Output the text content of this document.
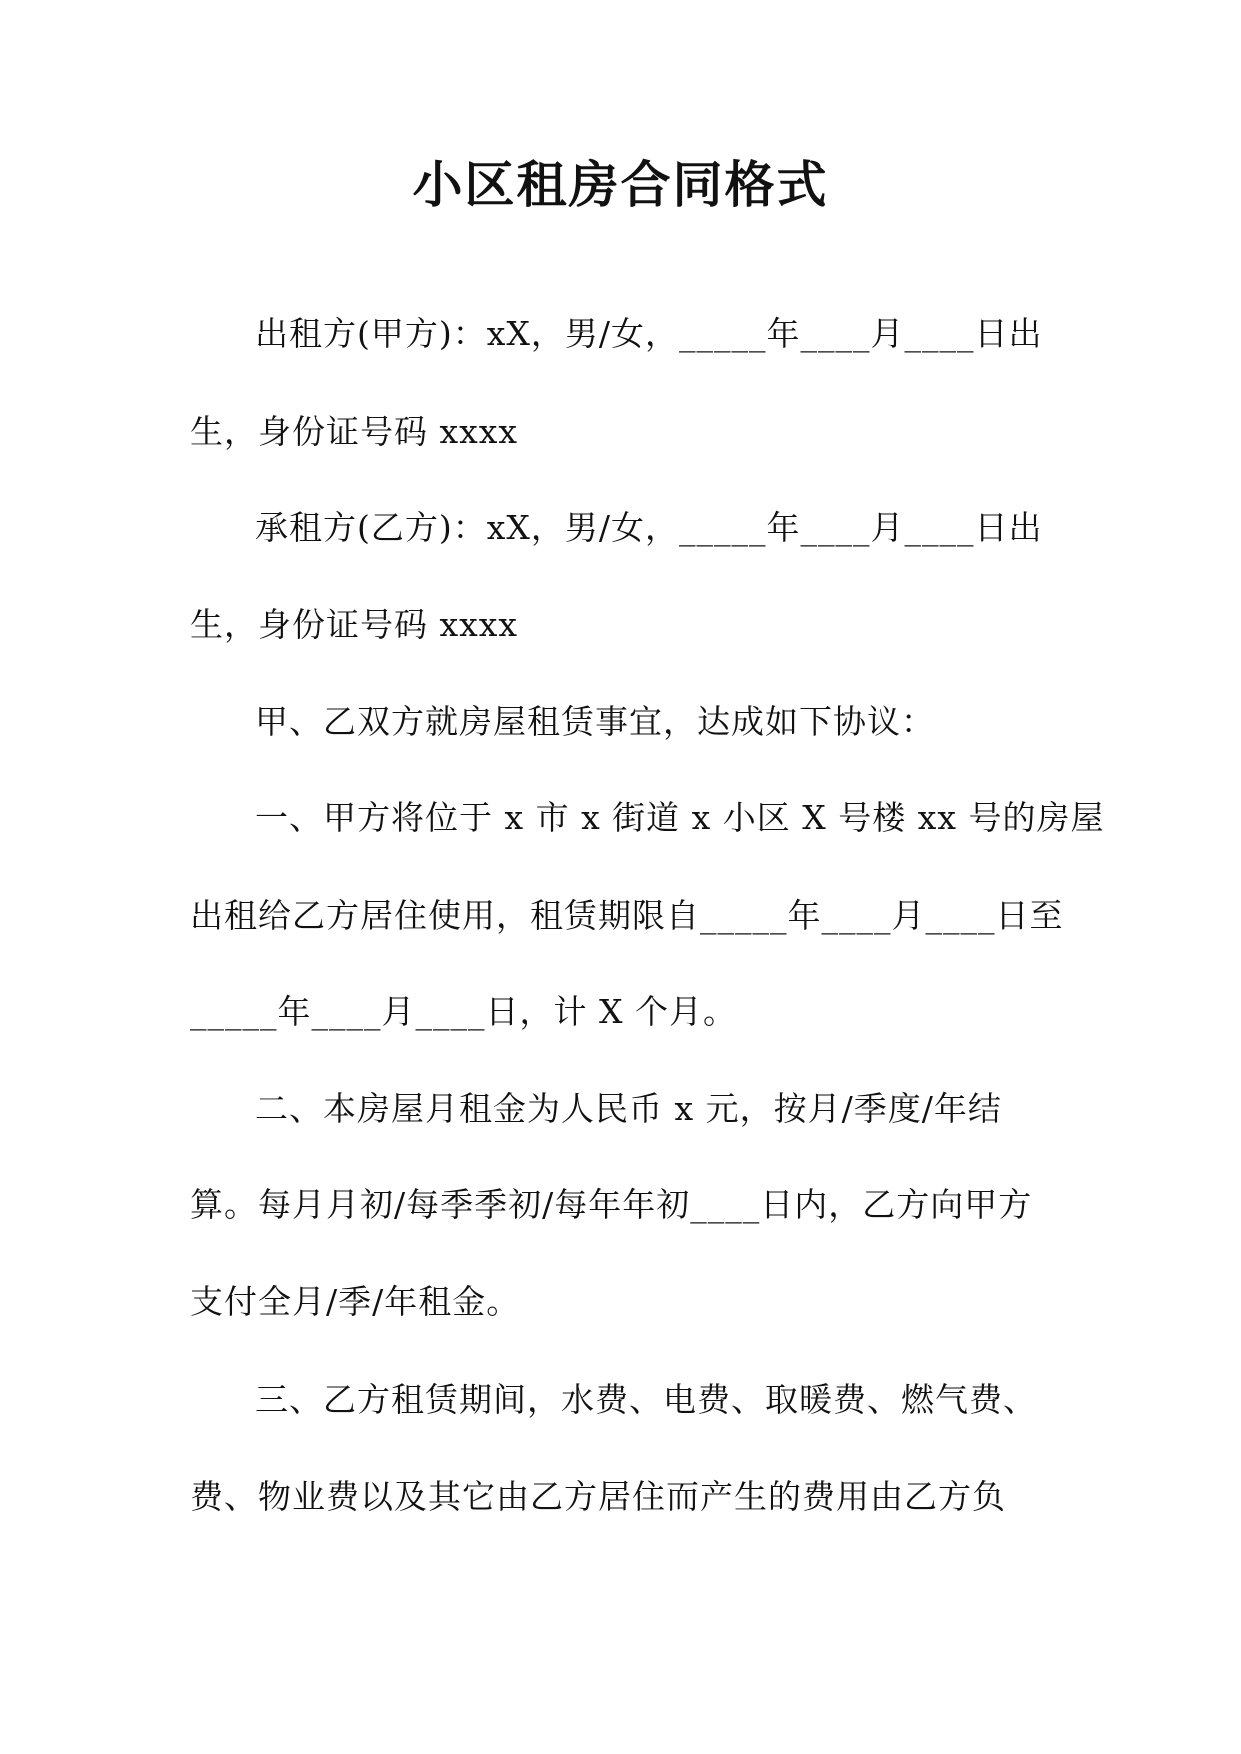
小区租房合同格式
出租方(甲方)：xX，男/女，_____年____月____日出
生，身份证号码 xxxx
承租方(乙方)：xX，男/女，_____年____月____日出
生，身份证号码 xxxx
甲、乙双方就房屋租赁事宜，达成如下协议：
一、甲方将位于 x 市 x 街道 x 小区 X 号楼 xx 号的房屋
出租给乙方居住使用，租赁期限自_____年____月____日至
_____年____月____日，计 X 个月。
二、本房屋月租金为人民币 x 元，按月/季度/年结
算。每月月初/每季季初/每年年初____日内，乙方向甲方
支付全月/季/年租金。
三、乙方租赁期间，水费、电费、取暖费、燃气费、
费、物业费以及其它由乙方居住而产生的费用由乙方负
